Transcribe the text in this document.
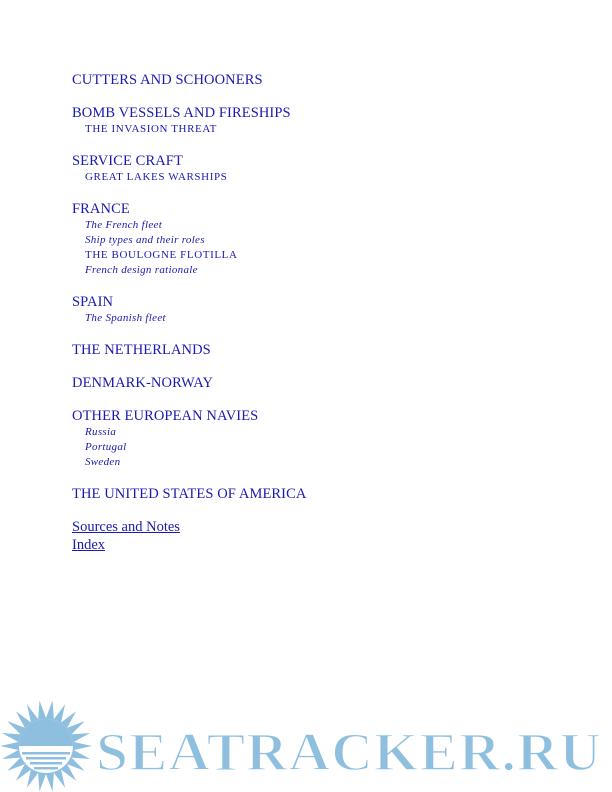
CUTTERS AND SCHOONERS
BOMB VESSELS AND FIRESHIPS
THE INVASION THREAT
SERVICE CRAFT
GREAT LAKES WARSHIPS
FRANCE
The French fleet
Ship types and their roles
THE BOULOGNE FLOTILLA
French design rationale
SPAIN
The Spanish fleet
THE NETHERLANDS
DENMARK-NORWAY
OTHER EUROPEAN NAVIES
Russia
Portugal
Sweden
THE UNITED STATES OF AMERICA
Sources and Notes
Index
SEATRACKER.RU
